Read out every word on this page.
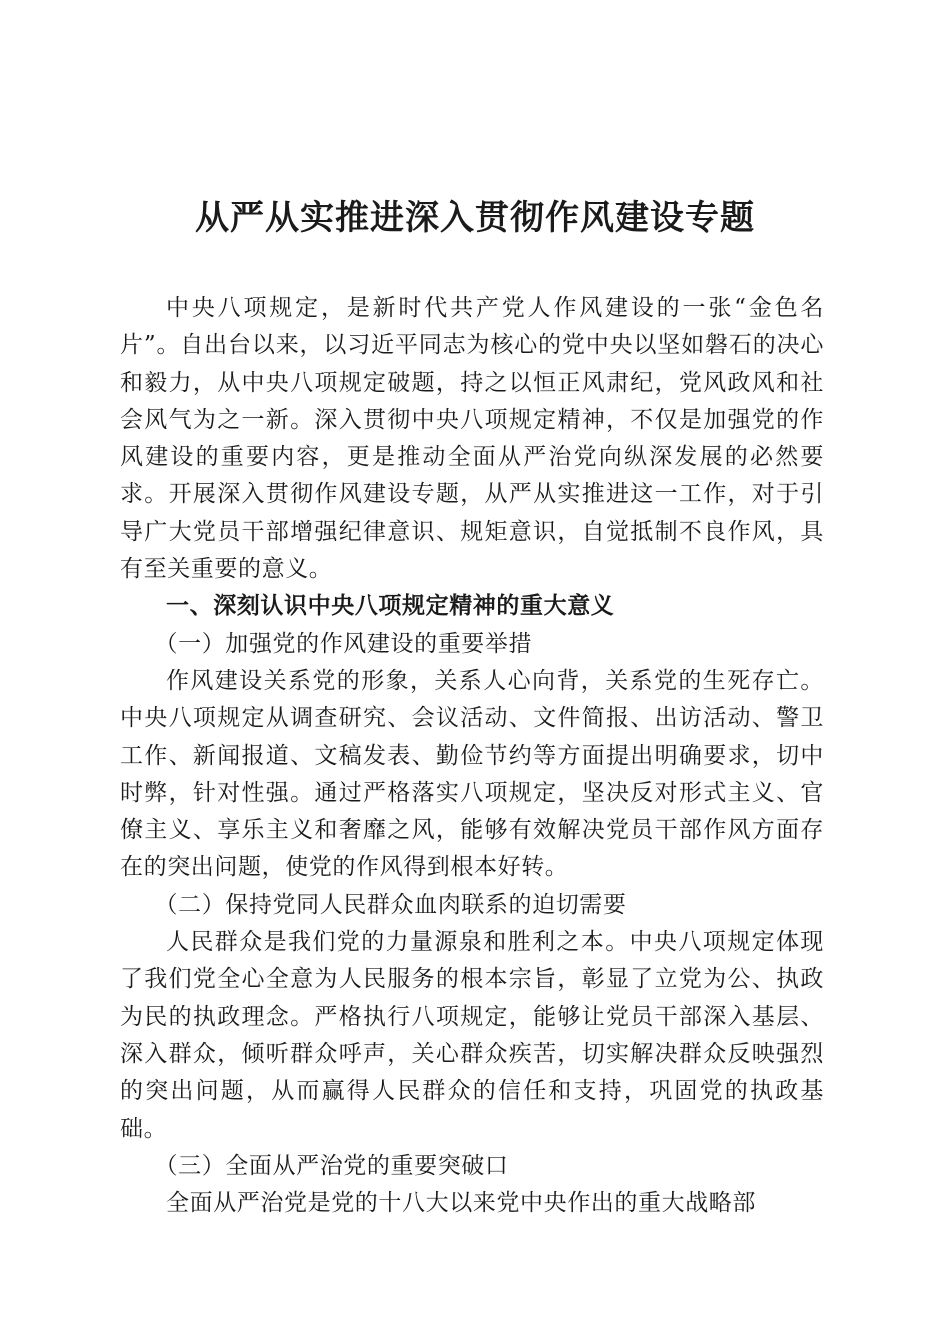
从严从实推进深入贯彻作风建设专题

中央八项规定，是新时代共产党人作风建设的一张“金色名片”。自出台以来，以习近平同志为核心的党中央以坚如磐石的决心和毅力，从中央八项规定破题，持之以恒正风肃纪，党风政风和社会风气为之一新。深入贯彻中央八项规定精神，不仅是加强党的作风建设的重要内容，更是推动全面从严治党向纵深发展的必然要求。开展深入贯彻作风建设专题，从严从实推进这一工作，对于引导广大党员干部增强纪律意识、规矩意识，自觉抵制不良作风，具有至关重要的意义。

一、深刻认识中央八项规定精神的重大意义

（一）加强党的作风建设的重要举措

作风建设关系党的形象，关系人心向背，关系党的生死存亡。中央八项规定从调查研究、会议活动、文件简报、出访活动、警卫工作、新闻报道、文稿发表、勤俭节约等方面提出明确要求，切中时弊，针对性强。通过严格落实八项规定，坚决反对形式主义、官僚主义、享乐主义和奢靡之风，能够有效解决党员干部作风方面存在的突出问题，使党的作风得到根本好转。

（二）保持党同人民群众血肉联系的迫切需要

人民群众是我们党的力量源泉和胜利之本。中央八项规定体现了我们党全心全意为人民服务的根本宗旨，彰显了立党为公、执政为民的执政理念。严格执行八项规定，能够让党员干部深入基层、深入群众，倾听群众呼声，关心群众疾苦，切实解决群众反映强烈的突出问题，从而赢得人民群众的信任和支持，巩固党的执政基础。

（三）全面从严治党的重要突破口

全面从严治党是党的十八大以来党中央作出的重大战略部
